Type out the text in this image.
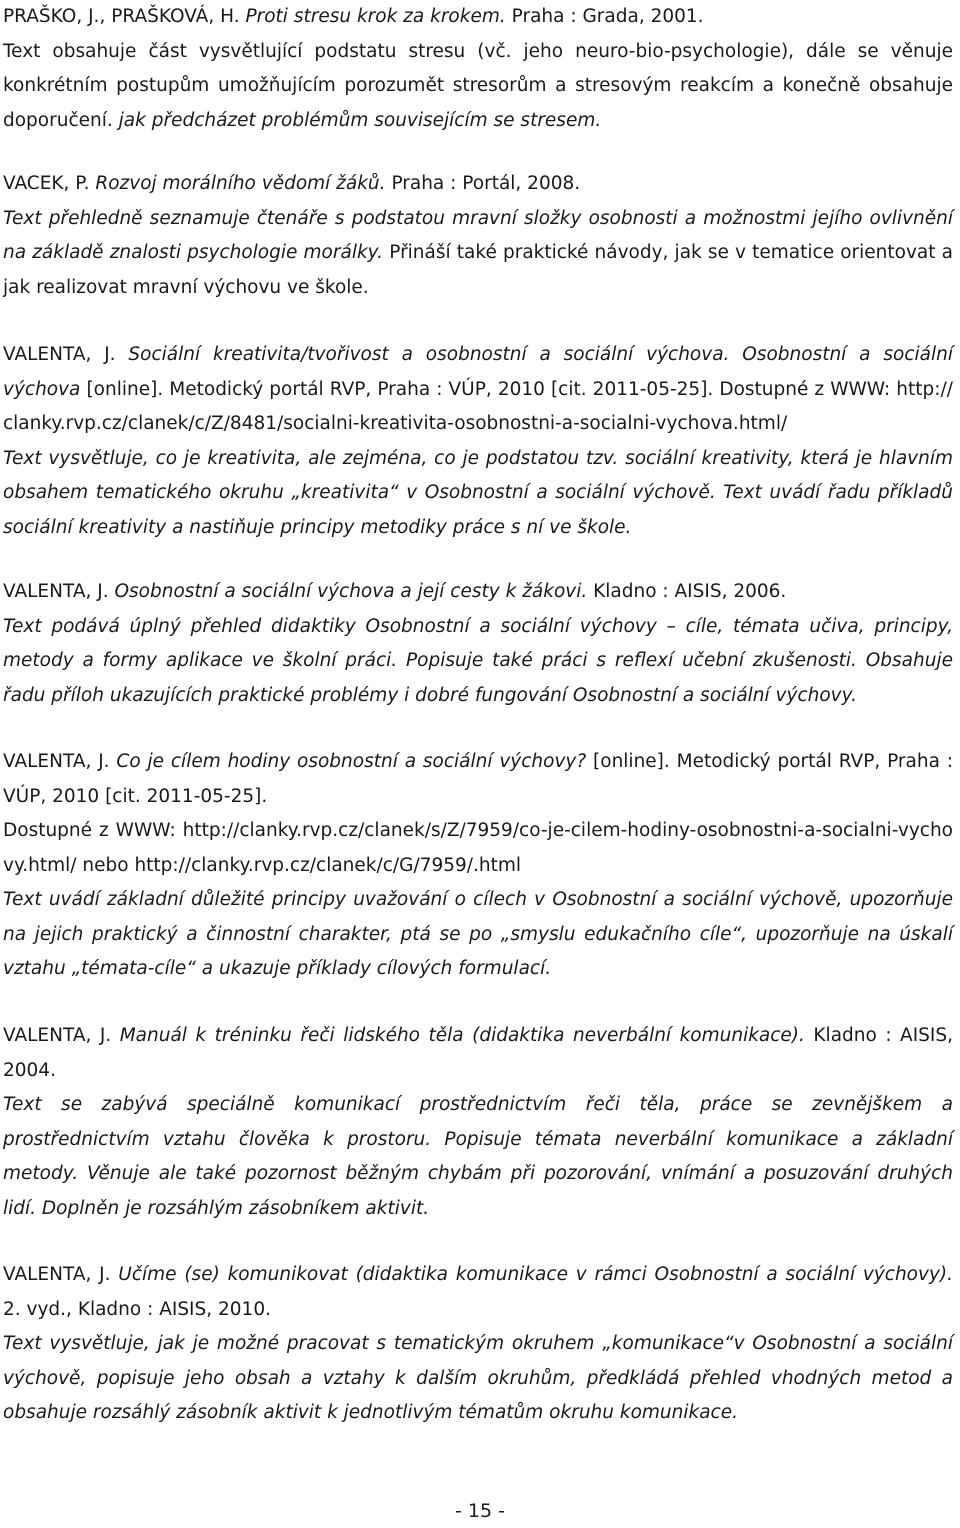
PRAŠKO, J., PRAŠKOVÁ, H. Proti stresu krok za krokem. Praha : Grada, 2001.

Text obsahuje část vysvětlující podstatu stresu (vč. jeho neuro-bio-psychologie), dále se věnuje konkrétním postupům umožňujícím porozumět stresorům a stresovým reakcím a konečně obsahuje doporučení. jak předcházet problémům souvisejícím se stresem.

VACEK, P. Rozvoj morálního vědomí žáků. Praha : Portál, 2008.

Text přehledně seznamuje čtenáře s podstatou mravní složky osobnosti a možnostmi jejího ovlivnění na základě znalosti psychologie morálky. Přináší také praktické návody, jak se v tematice orientovat a jak realizovat mravní výchovu ve škole.

VALENTA, J. Sociální kreativita/tvořivost a osobnostní a sociální výchova. Osobnostní a sociální výchova [online]. Metodický portál RVP, Praha : VÚP, 2010 [cit. 2011-05-25]. Dostupné z WWW: http://clanky.rvp.cz/clanek/c/Z/8481/socialni-kreativita-osobnostni-a-socialni-vychova.html/

Text vysvětluje, co je kreativita, ale zejména, co je podstatou tzv. sociální kreativity, která je hlavním obsahem tematického okruhu „kreativita“ v Osobnostní a sociální výchově. Text uvádí řadu příkladů sociální kreativity a nastiňuje principy metodiky práce s ní ve škole.

VALENTA, J. Osobnostní a sociální výchova a její cesty k žákovi. Kladno : AISIS, 2006.

Text podává úplný přehled didaktiky Osobnostní a sociální výchovy – cíle, témata učiva, principy, metody a formy aplikace ve školní práci. Popisuje také práci s reflexí učební zkušenosti. Obsahuje řadu příloh ukazujících praktické problémy i dobré fungování Osobnostní a sociální výchovy.

VALENTA, J. Co je cílem hodiny osobnostní a sociální výchovy? [online]. Metodický portál RVP, Praha : VÚP, 2010 [cit. 2011-05-25].

Dostupné z WWW: http://clanky.rvp.cz/clanek/s/Z/7959/co-je-cilem-hodiny-osobnostni-a-socialni-vychovy.html/ nebo http://clanky.rvp.cz/clanek/c/G/7959/.html

Text uvádí základní důležité principy uvažování o cílech v Osobnostní a sociální výchově, upozorňuje na jejich praktický a činnostní charakter, ptá se po „smyslu edukačního cíle“, upozorňuje na úskalí vztahu „témata-cíle“ a ukazuje příklady cílových formulací.

VALENTA, J. Manuál k tréninku řeči lidského těla (didaktika neverbální komunikace). Kladno : AISIS, 2004.

Text se zabývá speciálně komunikací prostřednictvím řeči těla, práce se zevnějškem a prostřednictvím vztahu člověka k prostoru. Popisuje témata neverbální komunikace a základní metody. Věnuje ale také pozornost běžným chybám při pozorování, vnímání a posuzování druhých lidí. Doplněn je rozsáhlým zásobníkem aktivit.

VALENTA, J. Učíme (se) komunikovat (didaktika komunikace v rámci Osobnostní a sociální výchovy). 2. vyd., Kladno : AISIS, 2010.

Text vysvětluje, jak je možné pracovat s tematickým okruhem „komunikace“v Osobnostní a sociální výchově, popisuje jeho obsah a vztahy k dalším okruhům, předkládá přehled vhodných metod a obsahuje rozsáhlý zásobník aktivit k jednotlivým tématům okruhu komunikace.

- 15 -
